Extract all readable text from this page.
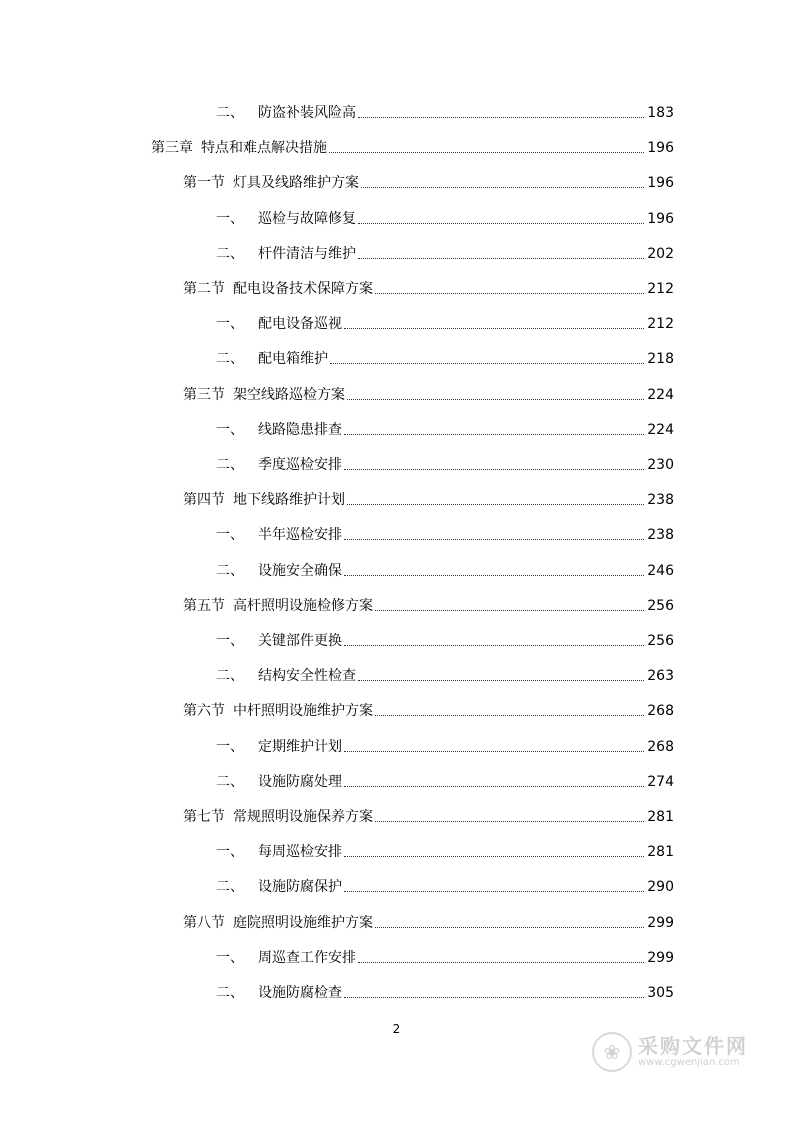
二、 防盗补装风险高	183
第三章 特点和难点解决措施	196
第一节 灯具及线路维护方案	196
一、 巡检与故障修复	196
二、 杆件清洁与维护	202
第二节 配电设备技术保障方案	212
一、 配电设备巡视	212
二、 配电箱维护	218
第三节 架空线路巡检方案	224
一、 线路隐患排查	224
二、 季度巡检安排	230
第四节 地下线路维护计划	238
一、 半年巡检安排	238
二、 设施安全确保	246
第五节 高杆照明设施检修方案	256
一、 关键部件更换	256
二、 结构安全性检查	263
第六节 中杆照明设施维护方案	268
一、 定期维护计划	268
二、 设施防腐处理	274
第七节 常规照明设施保养方案	281
一、 每周巡检安排	281
二、 设施防腐保护	290
第八节 庭院照明设施维护方案	299
一、 周巡查工作安排	299
二、 设施防腐检查	305
2
❀ 采购文件网
www.cgwenjian.com
